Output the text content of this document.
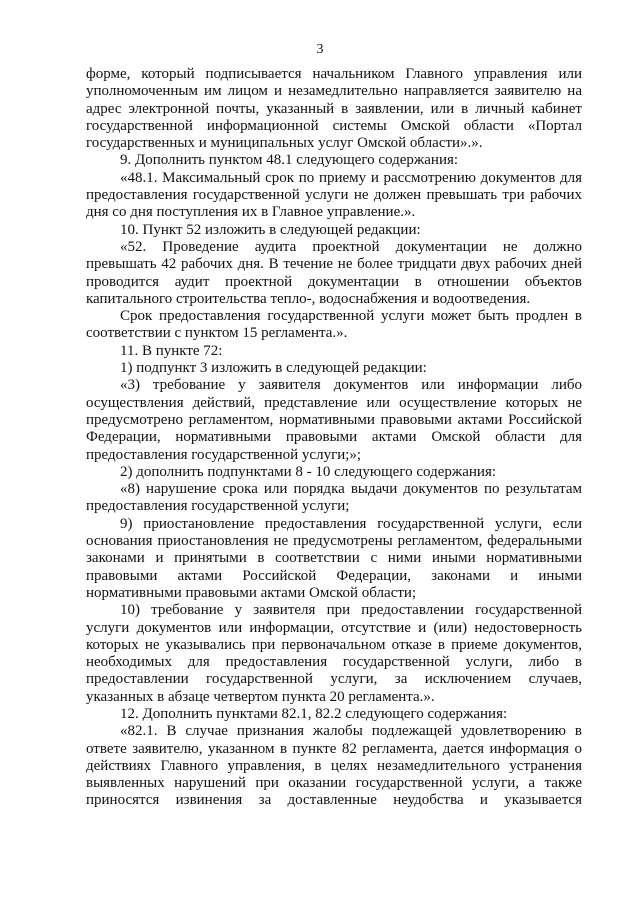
3

форме, который подписывается начальником Главного управления или уполномоченным им лицом и незамедлительно направляется заявителю на адрес электронной почты, указанный в заявлении, или в личный кабинет государственной информационной системы Омской области «Портал государственных и муниципальных услуг Омской области».».

9. Дополнить пунктом 48.1 следующего содержания:

«48.1. Максимальный срок по приему и рассмотрению документов для предоставления государственной услуги не должен превышать три рабочих дня со дня поступления их в Главное управление.».

10. Пункт 52 изложить в следующей редакции:

«52. Проведение аудита проектной документации не должно превышать 42 рабочих дня. В течение не более тридцати двух рабочих дней проводится аудит проектной документации в отношении объектов капитального строительства тепло-, водоснабжения и водоотведения.

Срок предоставления государственной услуги может быть продлен в соответствии с пунктом 15 регламента.».

11. В пункте 72:

1) подпункт 3 изложить в следующей редакции:

«3) требование у заявителя документов или информации либо осуществления действий, представление или осуществление которых не предусмотрено регламентом, нормативными правовыми актами Российской Федерации, нормативными правовыми актами Омской области для предоставления государственной услуги;»;

2) дополнить подпунктами 8 - 10 следующего содержания:

«8) нарушение срока или порядка выдачи документов по результатам предоставления государственной услуги;

9) приостановление предоставления государственной услуги, если основания приостановления не предусмотрены регламентом, федеральными законами и принятыми в соответствии с ними иными нормативными правовыми актами Российской Федерации, законами и иными нормативными правовыми актами Омской области;

10) требование у заявителя при предоставлении государственной услуги документов или информации, отсутствие и (или) недостоверность которых не указывались при первоначальном отказе в приеме документов, необходимых для предоставления государственной услуги, либо в предоставлении государственной услуги, за исключением случаев, указанных в абзаце четвертом пункта 20 регламента.».

12. Дополнить пунктами 82.1, 82.2 следующего содержания:

«82.1. В случае признания жалобы подлежащей удовлетворению в ответе заявителю, указанном в пункте 82 регламента, дается информация о действиях Главного управления, в целях незамедлительного устранения выявленных нарушений при оказании государственной услуги, а также приносятся извинения за доставленные неудобства и указывается
